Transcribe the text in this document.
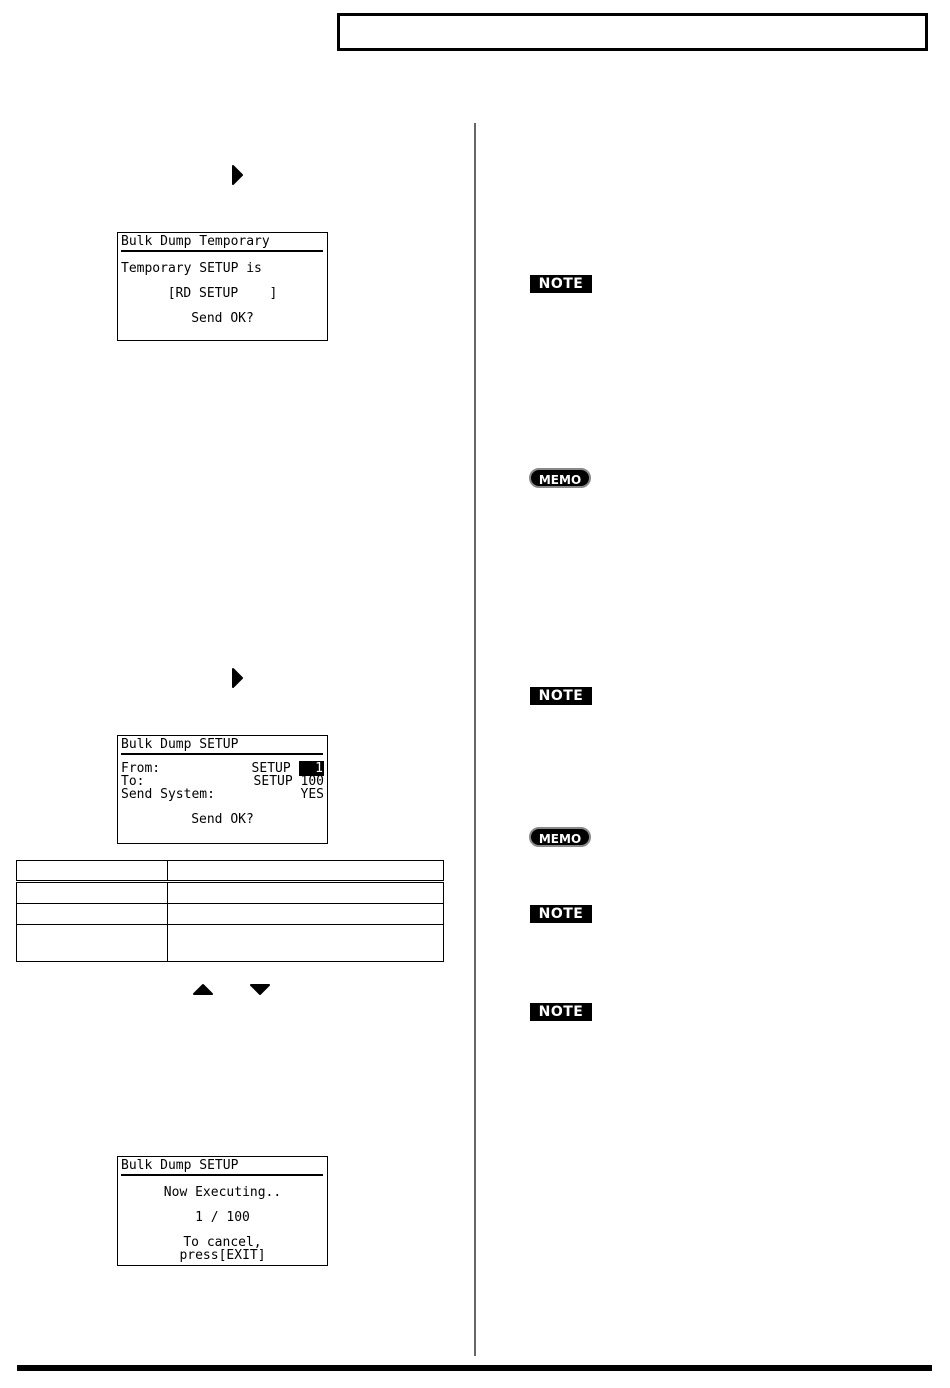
Bulk Dump Temporary
Temporary SETUP is
[RD SETUP    ]
Send OK?
Bulk Dump SETUP
From:	SETUP   1
To:	SETUP 100
Send System:	YES
Send OK?

Bulk Dump SETUP
Now Executing..
1 / 100
To cancel,
press[EXIT]
NOTE
MEMO
NOTE
MEMO
NOTE
NOTE
